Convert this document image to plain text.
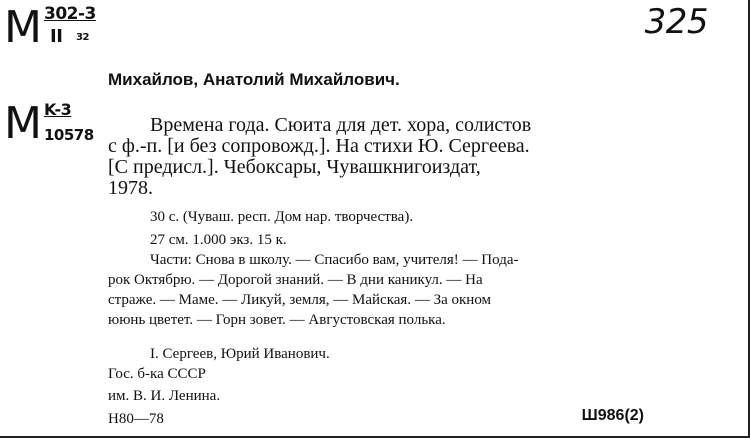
M 302-3
II 32
M K-3
10578
325
Михайлов, Анатолий Михайлович.
Времена года. Сюита для дет. хора, солистов
с ф.-п. [и без сопровожд.]. На стихи Ю. Сергеева.
[С предисл.]. Чебоксары, Чувашкнигоиздат,
1978.
30 с. (Чуваш. респ. Дом нар. творчества).
27 см. 1.000 экз. 15 к.
Части: Снова в школу. — Спасибо вам, учителя! — Пода-
рок Октябрю. — Дорогой знаний. — В дни каникул. — На
страже. — Маме. — Ликуй, земля, — Майская. — За окном
ююнь цветет. — Горн зовет. — Августовская полька.
I. Сергеев, Юрий Иванович.
Гос. б-ка СССР
им. В. И. Ленина.
Н80—78	Ш986(2)
